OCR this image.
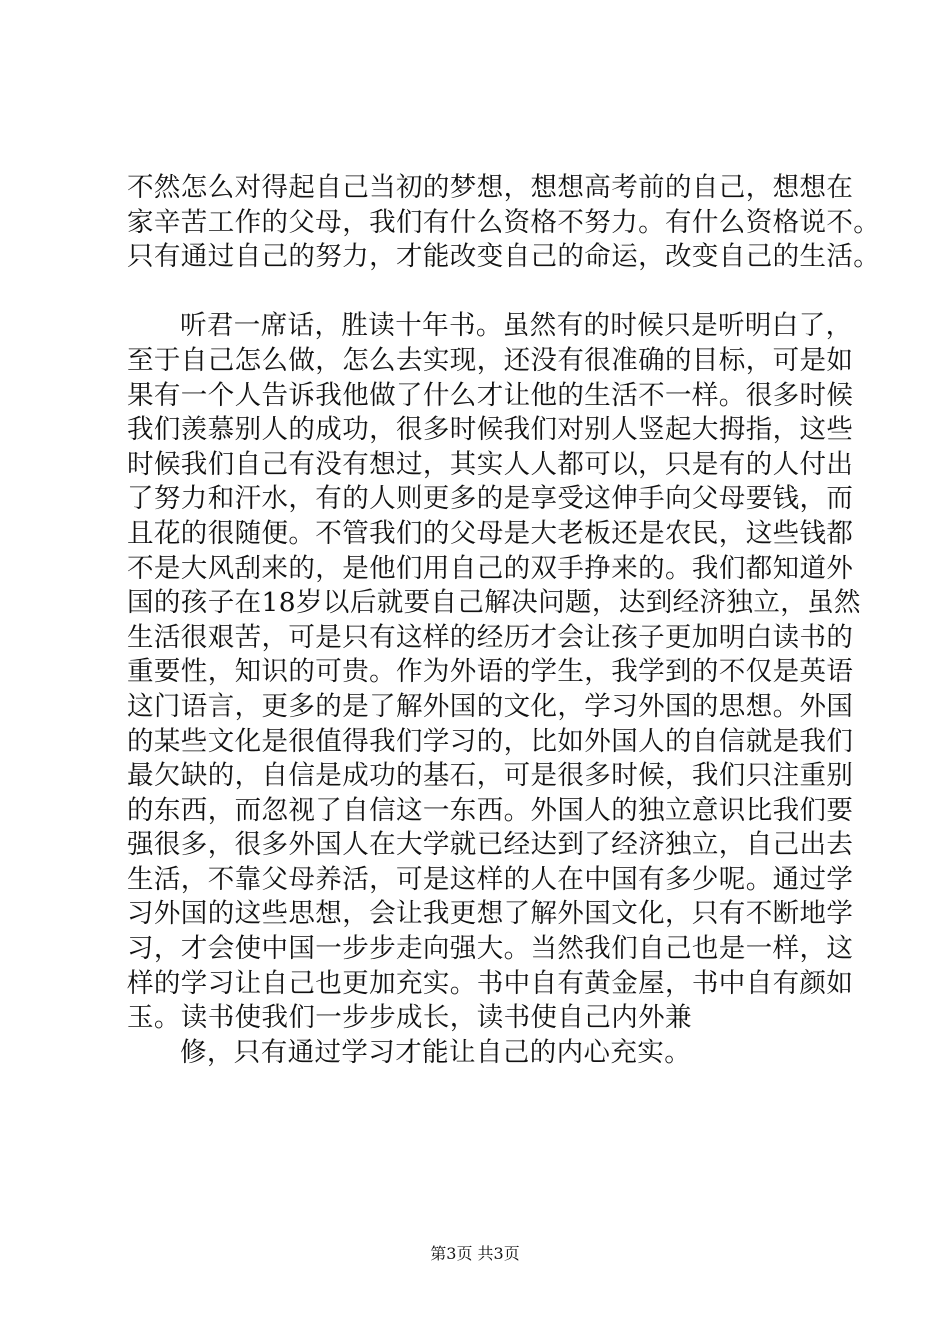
不然怎么对得起自己当初的梦想，想想高考前的自己，想想在
家辛苦工作的父母，我们有什么资格不努力。有什么资格说不。
只有通过自己的努力，才能改变自己的命运，改变自己的生活。
听君一席话，胜读十年书。虽然有的时候只是听明白了，
至于自己怎么做，怎么去实现，还没有很准确的目标，可是如
果有一个人告诉我他做了什么才让他的生活不一样。很多时候
我们羡慕别人的成功，很多时候我们对别人竖起大拇指，这些
时候我们自己有没有想过，其实人人都可以，只是有的人付出
了努力和汗水，有的人则更多的是享受这伸手向父母要钱，而
且花的很随便。不管我们的父母是大老板还是农民，这些钱都
不是大风刮来的，是他们用自己的双手挣来的。我们都知道外
国的孩子在18岁以后就要自己解决问题，达到经济独立，虽然
生活很艰苦，可是只有这样的经历才会让孩子更加明白读书的
重要性，知识的可贵。作为外语的学生，我学到的不仅是英语
这门语言，更多的是了解外国的文化，学习外国的思想。外国
的某些文化是很值得我们学习的，比如外国人的自信就是我们
最欠缺的，自信是成功的基石，可是很多时候，我们只注重别
的东西，而忽视了自信这一东西。外国人的独立意识比我们要
强很多，很多外国人在大学就已经达到了经济独立，自己出去
生活，不靠父母养活，可是这样的人在中国有多少呢。通过学
习外国的这些思想，会让我更想了解外国文化，只有不断地学
习，才会使中国一步步走向强大。当然我们自己也是一样，这
样的学习让自己也更加充实。书中自有黄金屋，书中自有颜如
玉。读书使我们一步步成长，读书使自己内外兼
修，只有通过学习才能让自己的内心充实。
第3页 共3页
